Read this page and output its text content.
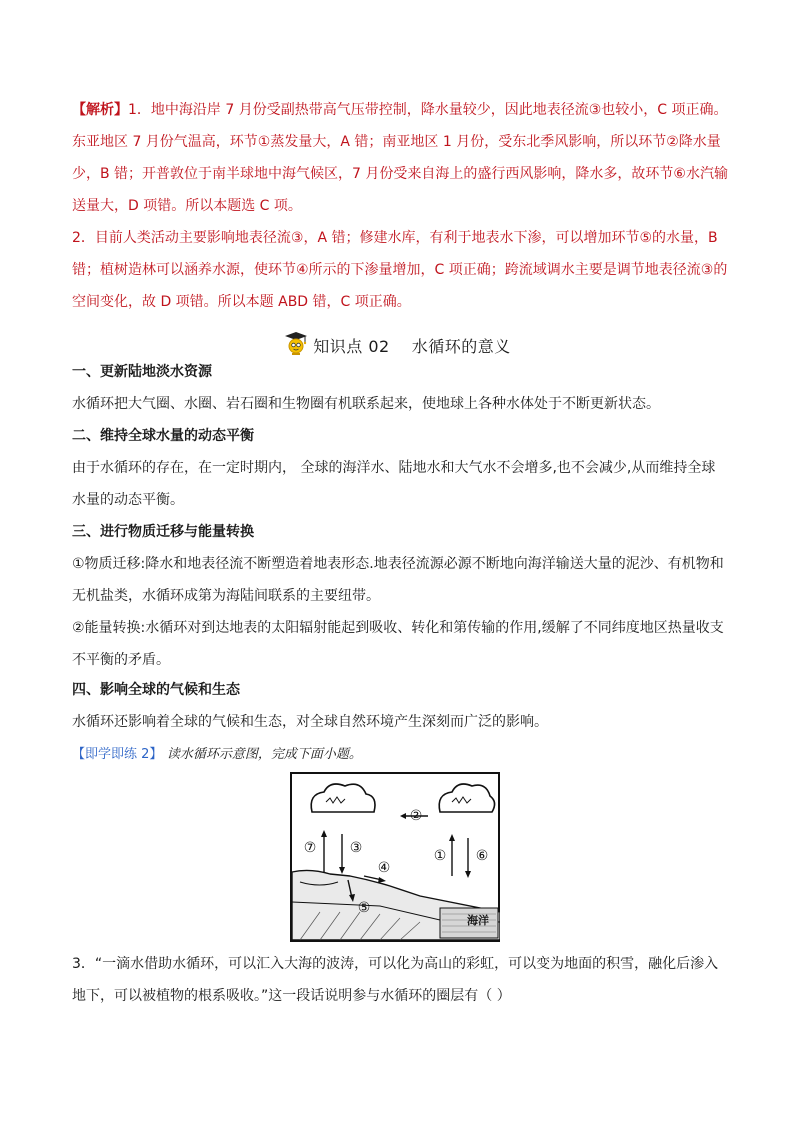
【解析】1．地中海沿岸 7 月份受副热带高气压带控制，降水量较少，因此地表径流③也较小，C 项正确。
东亚地区 7 月份气温高，环节①蒸发量大，A 错；南亚地区 1 月份，受东北季风影响，所以环节②降水量
少，B 错；开普敦位于南半球地中海气候区，7 月份受来自海上的盛行西风影响，降水多，故环节⑥水汽输
送量大，D 项错。所以本题选 C 项。
2．目前人类活动主要影响地表径流③，A 错；修建水库，有利于地表水下渗，可以增加环节⑤的水量，B
错；植树造林可以涵养水源，使环节④所示的下渗量增加，C 项正确；跨流域调水主要是调节地表径流③的
空间变化，故 D 项错。所以本题 ABD 错，C 项正确。
知识点 02 水循环的意义
一、更新陆地淡水资源
水循环把大气圈、水圈、岩石圈和生物圈有机联系起来，使地球上各种水体处于不断更新状态。
二、维持全球水量的动态平衡
由于水循环的存在，在一定时期内， 全球的海洋水、陆地水和大气水不会增多,也不会减少,从而维持全球
水量的动态平衡。
三、进行物质迁移与能量转换
①物质迁移:降水和地表径流不断塑造着地表形态.地表径流源必源不断地向海洋输送大量的泥沙、有机物和
无机盐类，水循环成第为海陆间联系的主要纽带。
②能量转换:水循环对到达地表的太阳辐射能起到吸收、转化和第传输的作用,缓解了不同纬度地区热量收支
不平衡的矛盾。
四、影响全球的气候和生态
水循环还影响着全球的气候和生态，对全球自然环境产生深刻而广泛的影响。
【即学即练 2】 读水循环示意图，完成下面小题。
海洋
②
⑦ ③	① ⑥
④
⑤
3．“一滴水借助水循环，可以汇入大海的波涛，可以化为高山的彩虹，可以变为地面的积雪，融化后渗入
地下，可以被植物的根系吸收。”这一段话说明参与水循环的圈层有（ ）
